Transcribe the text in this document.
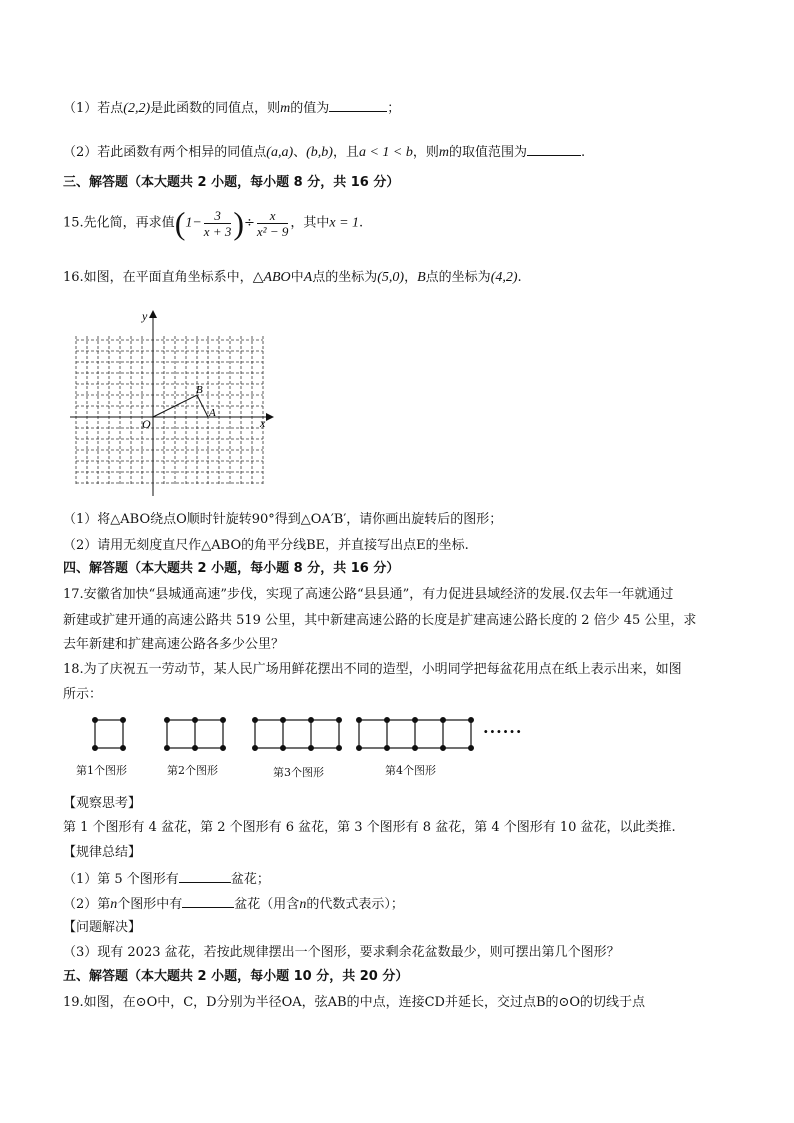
（1）若点(2,2)是此函数的同值点，则m的值为	；
（2）若此函数有两个相异的同值点(a,a)、(b,b)，且a < 1 < b，则m的取值范围为	.
三、解答题（本大题共 2 小题，每小题 8 分，共 16 分）
15.先化简，再求值($1- \frac{3}{x + 3}$ )÷ $\frac{x}{\text{x² − 9}}$ ，其中x = 1.
16.如图，在平面直角坐标系中，△ABO中A点的坐标为(5,0)，B点的坐标为(4,2).
y
x
O
B
A
（1）将△ABO绕点O顺时针旋转90°得到△OA′B′，请你画出旋转后的图形；
（2）请用无刻度直尺作△ABO的角平分线BE，并直接写出点E的坐标.
四、解答题（本大题共 2 小题，每小题 8 分，共 16 分）
17.安徽省加快“县城通高速”步伐，实现了高速公路“县县通”，有力促进县域经济的发展.仅去年一年就通过
新建或扩建开通的高速公路共 519 公里，其中新建高速公路的长度是扩建高速公路长度的 2 倍少 45 公里，求
去年新建和扩建高速公路各多少公里？
18.为了庆祝五一劳动节，某人民广场用鲜花摆出不同的造型，小明同学把每盆花用点在纸上表示出来，如图
所示：
第1个图形	第2个图形	第3个图形	第4个图形
······
【观察思考】
第 1 个图形有 4 盆花，第 2 个图形有 6 盆花，第 3 个图形有 8 盆花，第 4 个图形有 10 盆花，以此类推.
【规律总结】
（1）第 5 个图形有	盆花；
（2）第n个图形中有	盆花（用含n的代数式表示）；
【问题解决】
（3）现有 2023 盆花，若按此规律摆出一个图形，要求剩余花盆数最少，则可摆出第几个图形？
五、解答题（本大题共 2 小题，每小题 10 分，共 20 分）
19.如图，在⊙O中，C，D分别为半径OA，弦AB的中点，连接CD并延长，交过点B的⊙O的切线于点
